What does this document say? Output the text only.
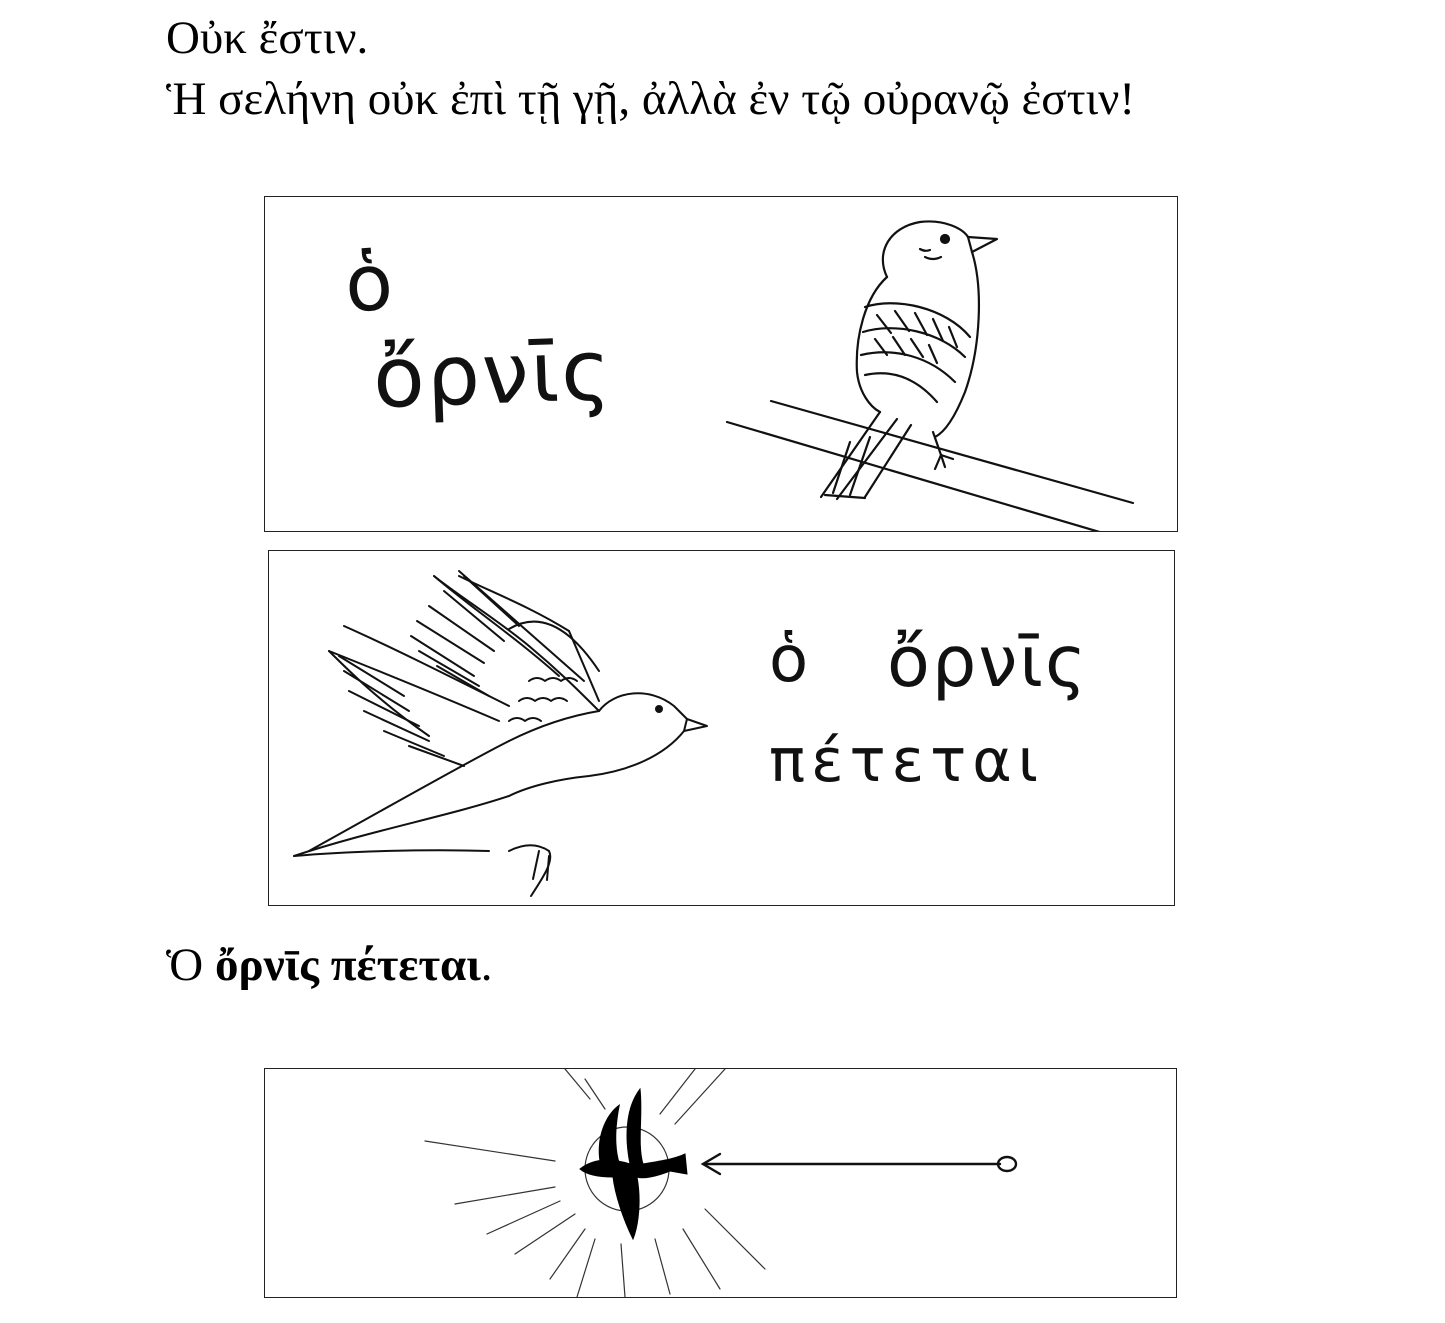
Οὐκ ἔστιν.

Ἡ σελήνη οὐκ ἐπὶ τῇ γῇ, ἀλλὰ ἐν τῷ οὐρανῷ ἐστιν!

ὁ
ὄρνῑς
ὁ ὄρνῑς
πέτεται
Ὁ ὄρνῑς πέτεται.
